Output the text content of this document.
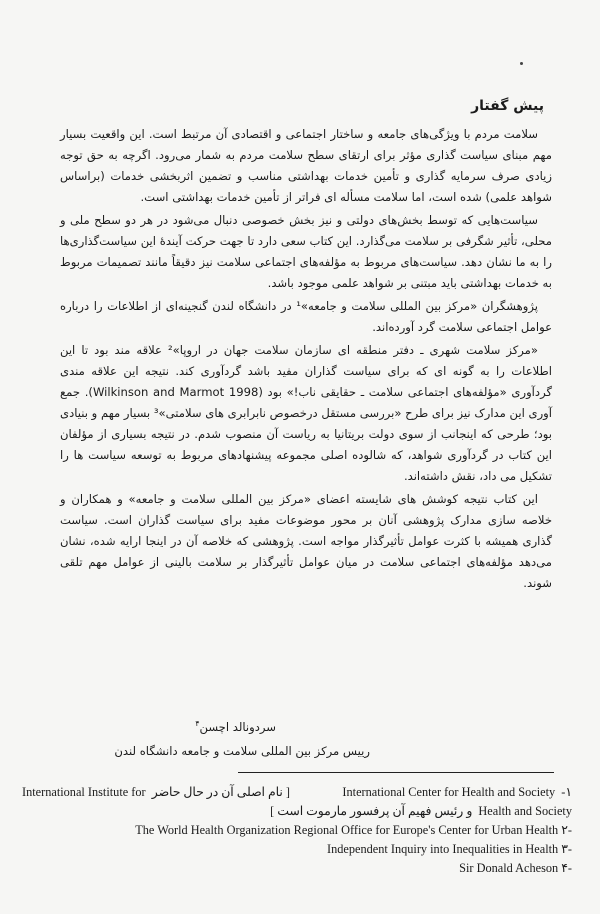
پیش گفتار

سلامت مردم با ویژگی‌های جامعه و ساختار اجتماعی و اقتصادی آن مرتبط است. این واقعیت بسیار مهم مبنای سیاست گذاری مؤثر برای ارتقای سطح سلامت مردم به شمار می‌رود. اگرچه به حق توجه زیادی صرف سرمایه گذاری و تأمین خدمات بهداشتی مناسب و تضمین اثربخشی خدمات (براساس شواهد علمی) شده است، اما سلامت مسأله ای فراتر از تأمین خدمات بهداشتی است.

سیاست‌هایی که توسط بخش‌های دولتی و نیز بخش خصوصی دنبال می‌شود در هر دو سطح ملی و محلی، تأثیر شگرفی بر سلامت می‌گذارد. این کتاب سعی دارد تا جهت حرکت آیندهٔ این سیاست‌گذاری‌ها را به ما نشان دهد. سیاست‌های مربوط به مؤلفه‌های اجتماعی سلامت نیز دقیقاً مانند تصمیمات مربوط به خدمات بهداشتی باید مبتنی بر شواهد علمی موجود باشد.

پژوهشگران «مرکز بین المللی سلامت و جامعه»¹ در دانشگاه لندن گنجینه‌ای از اطلاعات را درباره عوامل اجتماعی سلامت گرد آورده‌اند.

«مرکز سلامت شهری ـ دفتر منطقه ای سازمان سلامت جهان در اروپا»² علاقه مند بود تا این اطلاعات را به گونه ای که برای سیاست گذاران مفید باشد گردآوری کند. نتیجه این علاقه مندی گردآوری «مؤلفه‌های اجتماعی سلامت ـ حقایقی ناب!» بود (Wilkinson and Marmot 1998). جمع آوری این مدارک نیز برای طرح «بررسی مستقل درخصوص نابرابری های سلامتی»³ بسیار مهم و بنیادی بود؛ طرحی که اینجانب از سوی دولت بریتانیا به ریاست آن منصوب شدم. در نتیجه بسیاری از مؤلفان این کتاب در گردآوری شواهد، که شالوده اصلی مجموعه پیشنهادهای مربوط به توسعه سیاست ها را تشکیل می داد، نقش داشته‌اند.

این کتاب نتیجه کوشش های شایسته اعضای «مرکز بین المللی سلامت و جامعه» و همکاران و خلاصه سازی مدارک پژوهشی آنان بر محور موضوعات مفید برای سیاست گذاران است. سیاست گذاری همیشه با کثرت عوامل تأثیرگذار مواجه است. پژوهشی که خلاصه آن در اینجا ارایه شده، نشان می‌دهد مؤلفه‌های اجتماعی سلامت در میان عوامل تأثیرگذار بر سلامت بالینی از عوامل مهم تلقی شوند.

سردونالد اچسن$^۴$
رییس مرکز بین المللی سلامت و جامعه دانشگاه لندن
International Institute for [ نام اصلی آن در حال حاضر	International Center for Health and Society -۱
Health and Society  و رئیس فهیم آن پرفسور مارموت است ]
-۲ The World Health Organization Regional Office for Europe's Center for Urban Health
-۳ Independent Inquiry into Inequalities in Health
-۴ Sir Donald Acheson
